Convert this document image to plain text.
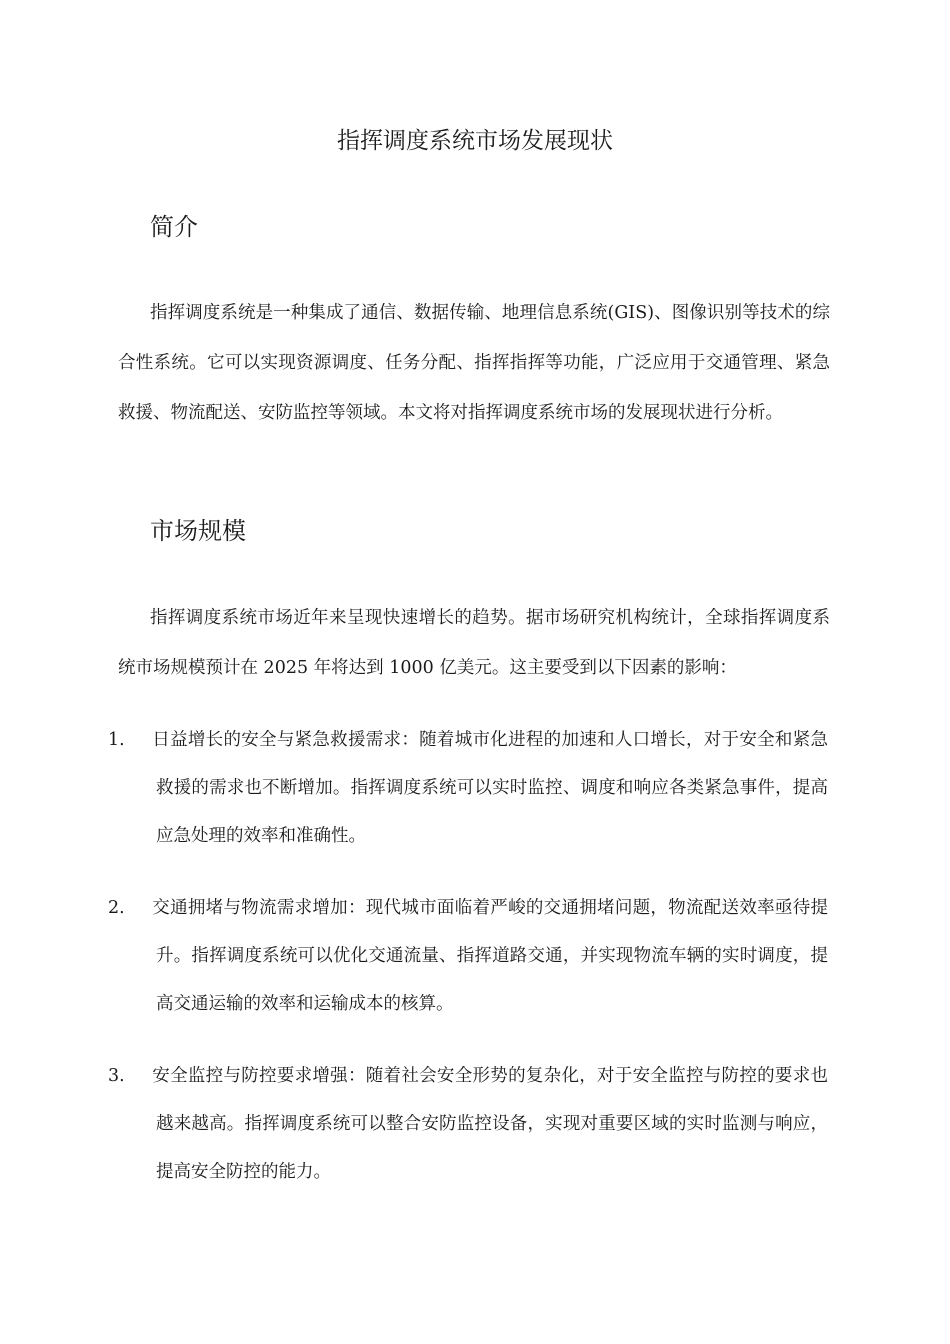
指挥调度系统市场发展现状
简介

指挥调度系统是一种集成了通信、数据传输、地理信息系统(GIS)、图像识别等技术的综合性系统。它可以实现资源调度、任务分配、指挥指挥等功能，广泛应用于交通管理、紧急救援、物流配送、安防监控等领域。本文将对指挥调度系统市场的发展现状进行分析。

市场规模

指挥调度系统市场近年来呈现快速增长的趋势。据市场研究机构统计，全球指挥调度系统市场规模预计在 2025 年将达到 1000 亿美元。这主要受到以下因素的影响：

1. 日益增长的安全与紧急救援需求：随着城市化进程的加速和人口增长，对于安全和紧急救援的需求也不断增加。指挥调度系统可以实时监控、调度和响应各类紧急事件，提高应急处理的效率和准确性。

2. 交通拥堵与物流需求增加：现代城市面临着严峻的交通拥堵问题，物流配送效率亟待提升。指挥调度系统可以优化交通流量、指挥道路交通，并实现物流车辆的实时调度，提高交通运输的效率和运输成本的核算。

3. 安全监控与防控要求增强：随着社会安全形势的复杂化，对于安全监控与防控的要求也越来越高。指挥调度系统可以整合安防监控设备，实现对重要区域的实时监测与响应，提高安全防控的能力。
